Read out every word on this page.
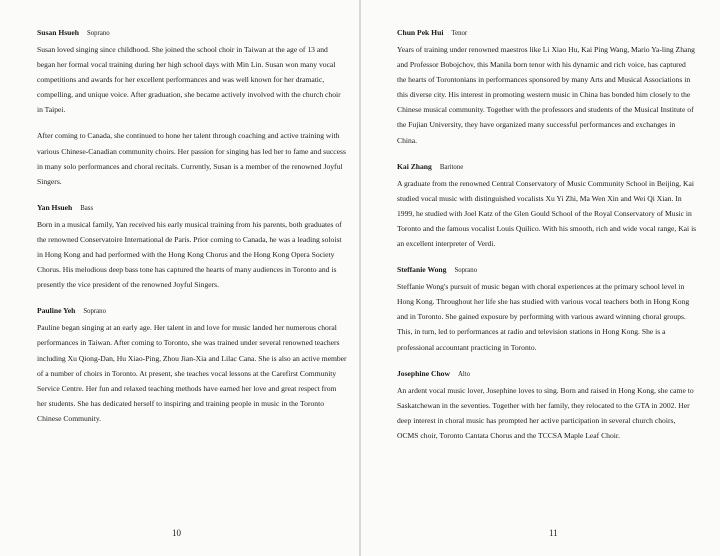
Susan Hsueh Soprano

Susan loved singing since childhood. She joined the school choir in Taiwan at the age of 13 and began her formal vocal training during her high school days with Min Lin. Susan won many vocal competitions and awards for her excellent performances and was well known for her dramatic, compelling, and unique voice. After graduation, she became actively involved with the church choir in Taipei.

After coming to Canada, she continued to hone her talent through coaching and active training with various Chinese-Canadian community choirs. Her passion for singing has led her to fame and success in many solo performances and choral recitals. Currently, Susan is a member of the renowned Joyful Singers.

Yan Hsueh Bass

Born in a musical family, Yan received his early musical training from his parents, both graduates of the renowned Conservatoire International de Paris. Prior coming to Canada, he was a leading soloist in Hong Kong and had performed with the Hong Kong Chorus and the Hong Kong Opera Society Chorus. His melodious deep bass tone has captured the hearts of many audiences in Toronto and is presently the vice president of the renowned Joyful Singers.

Pauline Yeh Soprano

Pauline began singing at an early age. Her talent in and love for music landed her numerous choral performances in Taiwan. After coming to Toronto, she was trained under several renowned teachers including Xu Qiong-Dan, Hu Xiao-Ping, Zhou Jian-Xia and Lilac Cana. She is also an active member of a number of choirs in Toronto. At present, she teaches vocal lessons at the Carefirst Community Service Centre. Her fun and relaxed teaching methods have earned her love and great respect from her students. She has dedicated herself to inspiring and training people in music in the Toronto Chinese Community.

10
Chun Pek Hui Tenor

Years of training under renowned maestros like Li Xiao Hu, Kai Ping Wang, Mario Ya-ling Zhang and Professor Bobojchov, this Manila born tenor with his dynamic and rich voice, has captured the hearts of Torontonians in performances sponsored by many Arts and Musical Associations in this diverse city. His interest in promoting western music in China has bonded him closely to the Chinese musical community. Together with the professors and students of the Musical Institute of the Fujian University, they have organized many successful performances and exchanges in China.

Kai Zhang Baritone

A graduate from the renowned Central Conservatory of Music Community School in Beijing, Kai studied vocal music with distinguished vocalists Xu Yi Zhi, Ma Wen Xin and Wei Qi Xian. In 1999, he studied with Joel Katz of the Glen Gould School of the Royal Conservatory of Music in Toronto and the famous vocalist Louis Quilico. With his smooth, rich and wide vocal range, Kai is an excellent interpreter of Verdi.

Steffanie Wong Soprano

Steffanie Wong's pursuit of music began with choral experiences at the primary school level in Hong Kong. Throughout her life she has studied with various vocal teachers both in Hong Kong and in Toronto. She gained exposure by performing with various award winning choral groups. This, in turn, led to performances at radio and television stations in Hong Kong. She is a professional accountant practicing in Toronto.

Josephine Chow Alto

An ardent vocal music lover, Josephine loves to sing. Born and raised in Hong Kong, she came to Saskatchewan in the seventies. Together with her family, they relocated to the GTA in 2002. Her deep interest in choral music has prompted her active participation in several church choirs, OCMS choir, Toronto Cantata Chorus and the TCCSA Maple Leaf Choir.

11
